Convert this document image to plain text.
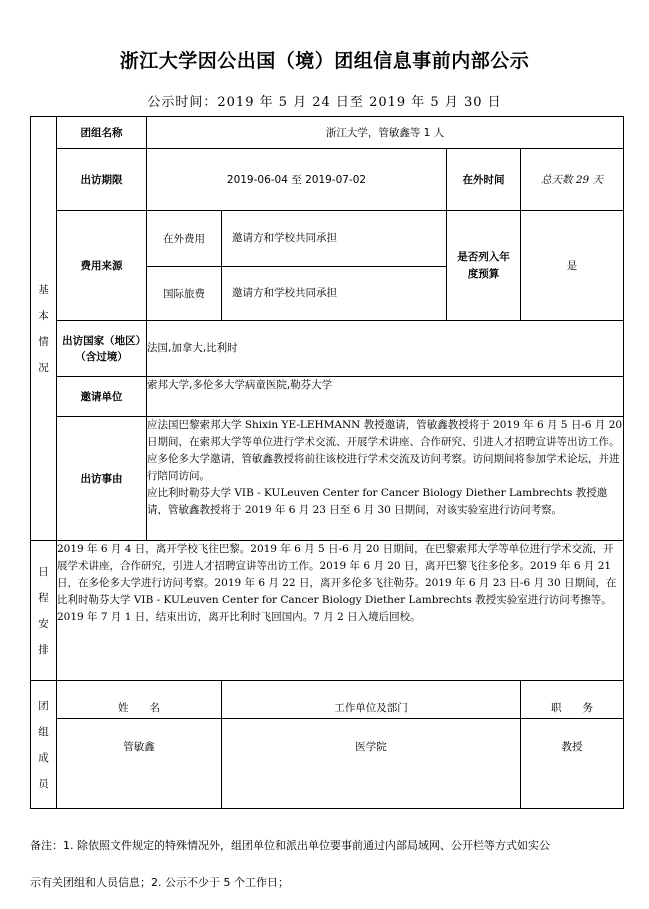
浙江大学因公出国（境）团组信息事前内部公示
公示时间：2019 年 5 月 24 日至 2019 年 5 月 30 日
基本情况	团组名称	浙江大学，管敏鑫等 1 人			
	出访期限	2019-06-04 至 2019-07-02		在外时间	总天数 29 天
	费用来源	在外费用	邀请方和学校共同承担	是否列入年度预算	是
		国际旅费	邀请方和学校共同承担		

	出访国家（地区）（含过境）	法国,加拿大,比利时			
	邀请单位	索邦大学,多伦多大学病童医院,勒芬大学			
	出访事由	应法国巴黎索邦大学 Shixin YE-LEHMANN 教授邀请，管敏鑫教授将于 2019 年 6 月 5 日-6 月 20 日期间，在索邦大学等单位进行学术交流、开展学术讲座、合作研究、引进人才招聘宣讲等出访工作。
应多伦多大学邀请，管敏鑫教授将前往该校进行学术交流及访问考察。访问期间将参加学术论坛，并进行陪同访问。
应比利时勒芬大学 VIB - KULeuven Center for Cancer Biology Diether Lambrechts 教授邀请，管敏鑫教授将于 2019 年 6 月 23 日至 6 月 30 日期间，对该实验室进行访问考察。			

日程安排	2019 年 6 月 4 日，离开学校飞往巴黎。2019 年 6 月 5 日-6 月 20 日期间，在巴黎索邦大学等单位进行学术交流，开展学术讲座，合作研究，引进人才招聘宣讲等出访工作。2019 年 6 月 20 日，离开巴黎飞往多伦多。2019 年 6 月 21 日，在多伦多大学进行访问考察。2019 年 6 月 22 日，离开多伦多飞往勒芬。2019 年 6 月 23 日-6 月 30 日期间，在比利时勒芬大学 VIB - KULeuven Center for Cancer Biology Diether Lambrechts 教授实验室进行访问考擦等。2019 年 7 月 1 日，结束出访，离开比利时飞回国内。7 月 2 日入境后回校。				

团组成员	姓　　名		工作单位及部门		职　　务
	管敏鑫		医学院		教授
备注：1. 除依照文件规定的特殊情况外，组团单位和派出单位要事前通过内部局域网、公开栏等方式如实公
示有关团组和人员信息；2. 公示不少于 5 个工作日；
